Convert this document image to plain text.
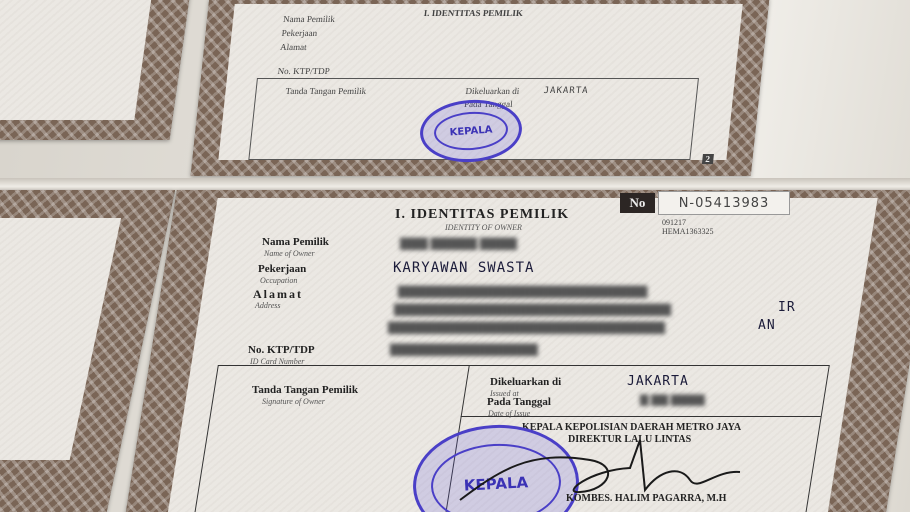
I. IDENTITAS PEMILIK
Nama Pemilik
Pekerjaan
Alamat
No. KTP/TDP
Tanda Tangan Pemilik	Dikeluarkan di	JAKARTA
Pada Tanggal
2
KEPALA
I. IDENTITAS PEMILIK
IDENTITY OF OWNER
No	N-05413983
091217
HEMA1363325
Nama Pemilik
Name of Owner
▇▇▇ ▇▇▇▇▇ ▇▇▇▇
Pekerjaan
Occupation
KARYAWAN SWASTA
Alamat
Address
▇▇▇▇▇▇▇▇▇▇▇▇▇▇▇▇▇▇▇▇▇▇▇▇▇▇▇
▇▇▇▇▇▇▇▇▇▇▇▇▇▇▇▇▇▇▇▇▇▇▇▇▇▇▇▇▇▇	IR
▇▇▇▇▇▇▇▇▇▇▇▇▇▇▇▇▇▇▇▇▇▇▇▇▇▇▇▇▇▇	AN
No. KTP/TDP
ID Card Number
▇▇▇▇▇▇▇▇▇▇▇▇▇▇▇▇
Tanda Tangan Pemilik
Signature of Owner
Dikeluarkan di
Issued at
JAKARTA
Pada Tanggal
Date of Issue
▇ ▇▇ ▇▇▇▇
KEPALA KEPOLISIAN DAERAH METRO JAYA
DIREKTUR LALU LINTAS
KEPALA
KOMBES. HALIM PAGARRA, M.H
